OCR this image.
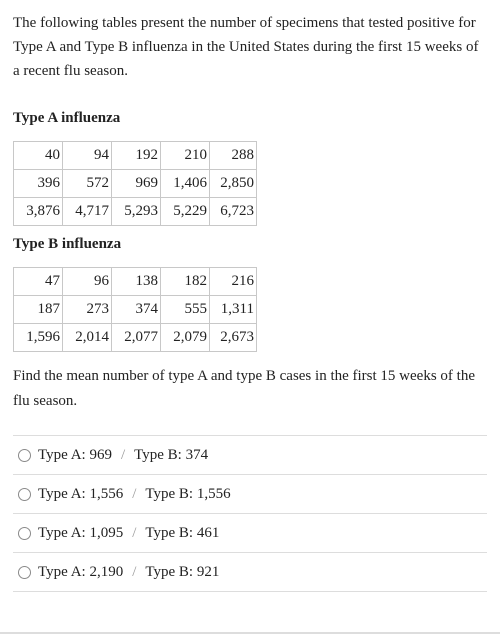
The following tables present the number of specimens that tested positive for Type A and Type B influenza in the United States during the first 15 weeks of a recent flu season.

Type A influenza

40	94	192	210	288
396	572	969	1,406	2,850
3,876	4,717	5,293	5,229	6,723

Type B influenza

47	96	138	182	216
187	273	374	555	1,311
1,596	2,014	2,077	2,079	2,673

Find the mean number of type A and type B cases in the first 15 weeks of the flu season.

Type A: 969 / Type B: 374
Type A: 1,556 / Type B: 1,556
Type A: 1,095 / Type B: 461
Type A: 2,190 / Type B: 921
